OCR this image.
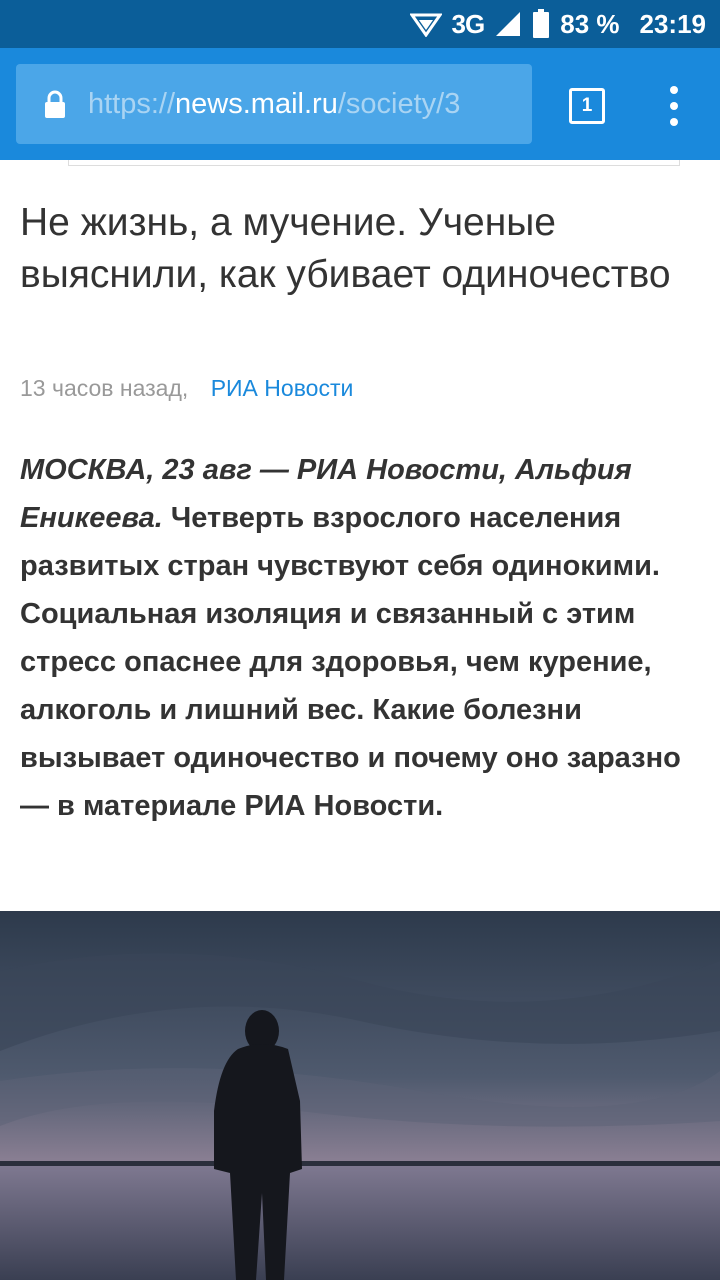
3G	83 % 23:19
https://news.mail.ru/society/3	1
Не жизнь, а мучение. Ученые выяснили, как убивает одиночество
13 часов назад, РИА Новости

МОСКВА, 23 авг — РИА Новости, Альфия Еникеева. Четверть взрослого населения развитых стран чувствуют себя одинокими. Социальная изоляция и связанный с этим стресс опаснее для здоровья, чем курение, алкоголь и лишний вес. Какие болезни вызывает одиночество и почему оно заразно — в материале РИА Новости.
